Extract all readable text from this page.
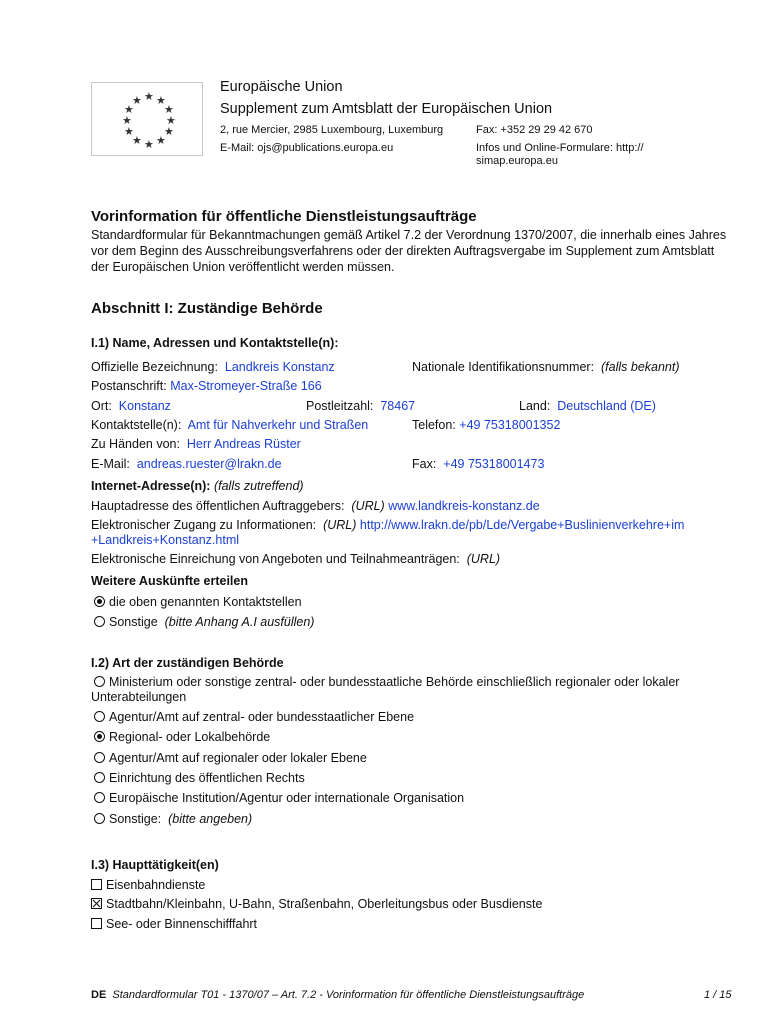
★ ★
★
★
★
★
★
★
★
★
★
★
Europäische Union
Supplement zum Amtsblatt der Europäischen Union
2, rue Mercier, 2985 Luxembourg, Luxemburg	Fax: +352 29 29 42 670
E-Mail: ojs@publications.europa.eu	Infos und Online-Formulare: http://
simap.europa.eu
Vorinformation für öffentliche Dienstleistungsaufträge
Standardformular für Bekanntmachungen gemäß Artikel 7.2 der Verordnung 1370/2007, die innerhalb eines Jahres vor dem Beginn des Ausschreibungsverfahrens oder der direkten Auftragsvergabe im Supplement zum Amtsblatt der Europäischen Union veröffentlicht werden müssen.
Abschnitt I: Zuständige Behörde
I.1) Name, Adressen und Kontaktstelle(n):
Offizielle Bezeichnung: Landkreis Konstanz	Nationale Identifikationsnummer: (falls bekannt)
Postanschrift: Max-Stromeyer-Straße 166
Ort: Konstanz	Postleitzahl: 78467	Land: Deutschland (DE)
Kontaktstelle(n): Amt für Nahverkehr und Straßen	Telefon: +49 75318001352
Zu Händen von: Herr Andreas Rüster
E-Mail: andreas.ruester@lrakn.de	Fax: +49 75318001473
Internet-Adresse(n): (falls zutreffend)
Hauptadresse des öffentlichen Auftraggebers: (URL) www.landkreis-konstanz.de
Elektronischer Zugang zu Informationen: (URL) http://www.lrakn.de/pb/Lde/Vergabe+Buslinienverkehre+im
+Landkreis+Konstanz.html
Elektronische Einreichung von Angeboten und Teilnahmeanträgen: (URL)
Weitere Auskünfte erteilen
die oben genannten Kontaktstellen
Sonstige (bitte Anhang A.I ausfüllen)
I.2) Art der zuständigen Behörde
Ministerium oder sonstige zentral- oder bundesstaatliche Behörde einschließlich regionaler oder lokaler
Unterabteilungen
Agentur/Amt auf zentral- oder bundesstaatlicher Ebene
Regional- oder Lokalbehörde
Agentur/Amt auf regionaler oder lokaler Ebene
Einrichtung des öffentlichen Rechts
Europäische Institution/Agentur oder internationale Organisation
Sonstige: (bitte angeben)
I.3) Haupttätigkeit(en)
Eisenbahndienste
Stadtbahn/Kleinbahn, U-Bahn, Straßenbahn, Oberleitungsbus oder Busdienste
See- oder Binnenschifffahrt
DE Standardformular T01 - 1370/07 – Art. 7.2 - Vorinformation für öffentliche Dienstleistungsaufträge	1 / 15
